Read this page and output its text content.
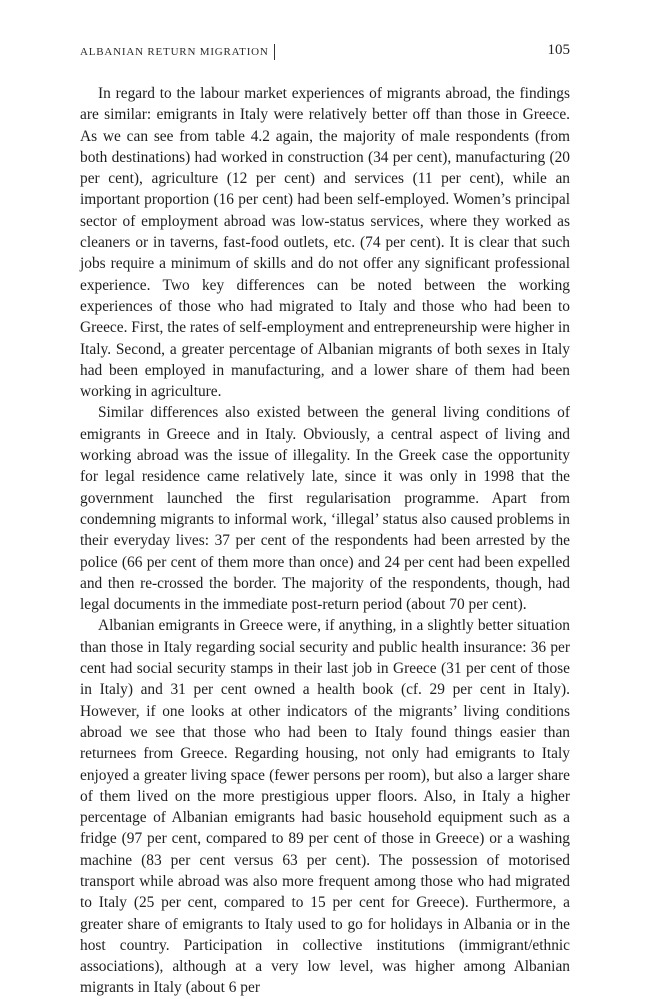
ALBANIAN RETURN MIGRATION	105

In regard to the labour market experiences of migrants abroad, the findings are similar: emigrants in Italy were relatively better off than those in Greece. As we can see from table 4.2 again, the majority of male respondents (from both destinations) had worked in construction (34 per cent), manufacturing (20 per cent), agriculture (12 per cent) and services (11 per cent), while an important proportion (16 per cent) had been self-employed. Women’s principal sector of employment abroad was low-status services, where they worked as cleaners or in taverns, fast-food outlets, etc. (74 per cent). It is clear that such jobs require a minimum of skills and do not offer any significant professional experience. Two key differences can be noted between the working experiences of those who had migrated to Italy and those who had been to Greece. First, the rates of self-employment and entrepreneurship were higher in Italy. Second, a greater percentage of Albanian migrants of both sexes in Italy had been employed in manufacturing, and a lower share of them had been working in agriculture.

Similar differences also existed between the general living conditions of emigrants in Greece and in Italy. Obviously, a central aspect of living and working abroad was the issue of illegality. In the Greek case the opportunity for legal residence came relatively late, since it was only in 1998 that the government launched the first regularisation programme. Apart from condemning migrants to informal work, ‘illegal’ status also caused problems in their everyday lives: 37 per cent of the respondents had been arrested by the police (66 per cent of them more than once) and 24 per cent had been expelled and then re-crossed the border. The majority of the respondents, though, had legal documents in the immediate post-return period (about 70 per cent).

Albanian emigrants in Greece were, if anything, in a slightly better situation than those in Italy regarding social security and public health insurance: 36 per cent had social security stamps in their last job in Greece (31 per cent of those in Italy) and 31 per cent owned a health book (cf. 29 per cent in Italy). However, if one looks at other indicators of the migrants’ living conditions abroad we see that those who had been to Italy found things easier than returnees from Greece. Regarding housing, not only had emigrants to Italy enjoyed a greater living space (fewer persons per room), but also a larger share of them lived on the more prestigious upper floors. Also, in Italy a higher percentage of Albanian emigrants had basic household equipment such as a fridge (97 per cent, compared to 89 per cent of those in Greece) or a washing machine (83 per cent versus 63 per cent). The possession of motorised transport while abroad was also more frequent among those who had migrated to Italy (25 per cent, compared to 15 per cent for Greece). Furthermore, a greater share of emigrants to Italy used to go for holidays in Albania or in the host country. Participation in collective institutions (immigrant/ethnic associations), although at a very low level, was higher among Albanian migrants in Italy (about 6 per
